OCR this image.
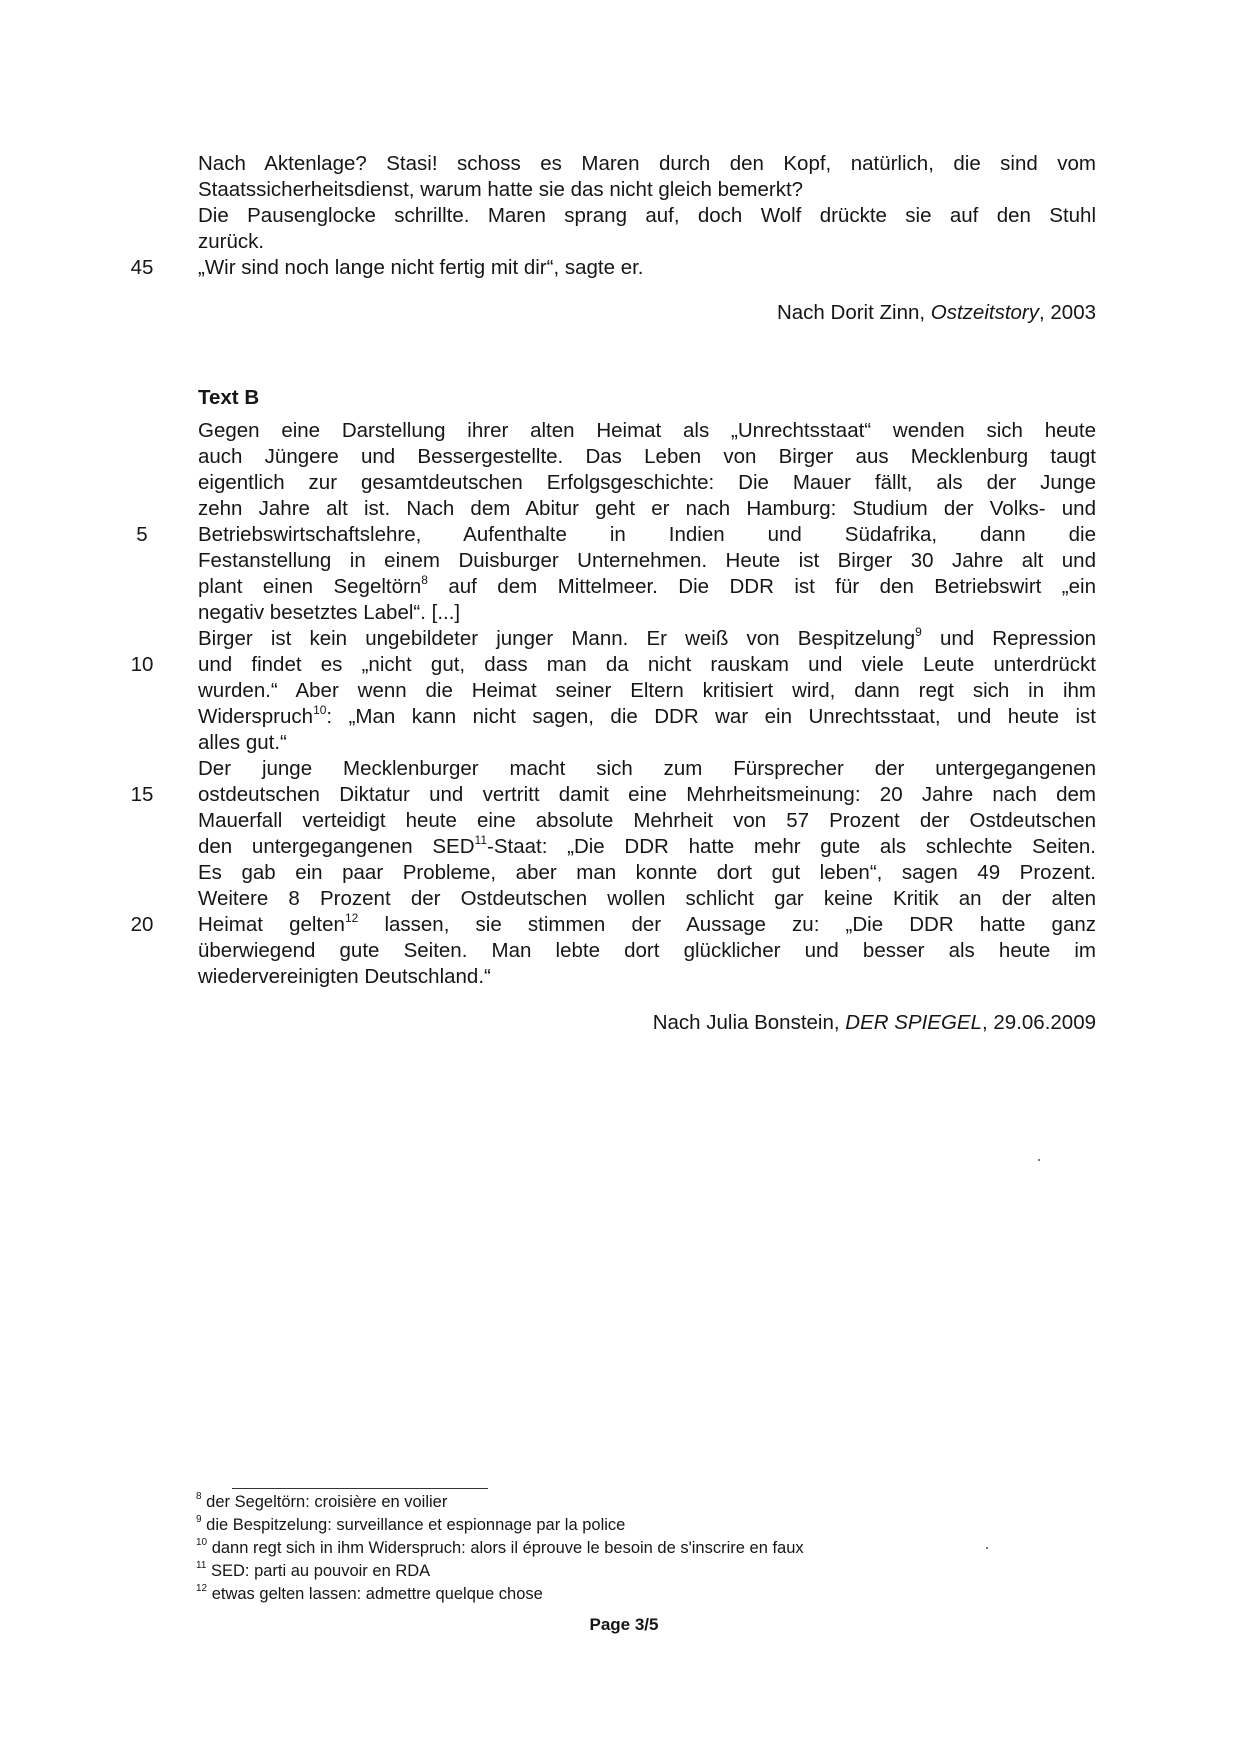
Nach Aktenlage? Stasi! schoss es Maren durch den Kopf, natürlich, die sind vom
Staatssicherheitsdienst, warum hatte sie das nicht gleich bemerkt?
Die Pausenglocke schrillte. Maren sprang auf, doch Wolf drückte sie auf den Stuhl
zurück.
45	„Wir sind noch lange nicht fertig mit dir“, sagte er.
Nach Dorit Zinn, Ostzeitstory, 2003
Text B
Gegen eine Darstellung ihrer alten Heimat als „Unrechtsstaat“ wenden sich heute
auch Jüngere und Bessergestellte. Das Leben von Birger aus Mecklenburg taugt
eigentlich zur gesamtdeutschen Erfolgsgeschichte: Die Mauer fällt, als der Junge
zehn Jahre alt ist. Nach dem Abitur geht er nach Hamburg: Studium der Volks- und
5	Betriebswirtschaftslehre, Aufenthalte in Indien und Südafrika, dann die
Festanstellung in einem Duisburger Unternehmen. Heute ist Birger 30 Jahre alt und
plant einen Segeltörn$^8$ auf dem Mittelmeer. Die DDR ist für den Betriebswirt „ein
negativ besetztes Label“. [...]
Birger ist kein ungebildeter junger Mann. Er weiß von Bespitzelung$^9$ und Repression
10	und findet es „nicht gut, dass man da nicht rauskam und viele Leute unterdrückt
wurden.“ Aber wenn die Heimat seiner Eltern kritisiert wird, dann regt sich in ihm
Widerspruch$^{10}$: „Man kann nicht sagen, die DDR war ein Unrechtsstaat, und heute ist
alles gut.“
Der junge Mecklenburger macht sich zum Fürsprecher der untergegangenen
15	ostdeutschen Diktatur und vertritt damit eine Mehrheitsmeinung: 20 Jahre nach dem
Mauerfall verteidigt heute eine absolute Mehrheit von 57 Prozent der Ostdeutschen
den untergegangenen SED$^{11}$-Staat: „Die DDR hatte mehr gute als schlechte Seiten.
Es gab ein paar Probleme, aber man konnte dort gut leben“, sagen 49 Prozent.
Weitere 8 Prozent der Ostdeutschen wollen schlicht gar keine Kritik an der alten
20	Heimat gelten$^{12}$ lassen, sie stimmen der Aussage zu: „Die DDR hatte ganz
überwiegend gute Seiten. Man lebte dort glücklicher und besser als heute im
wiedervereinigten Deutschland.“
Nach Julia Bonstein, DER SPIEGEL, 29.06.2009
$^8$ der Segeltörn: croisière en voilier
$^9$ die Bespitzelung: surveillance et espionnage par la police
$^{10}$ dann regt sich in ihm Widerspruch: alors il éprouve le besoin de s'inscrire en faux
$^{11}$ SED: parti au pouvoir en RDA
$^{12}$ etwas gelten lassen: admettre quelque chose
Page 3/5
